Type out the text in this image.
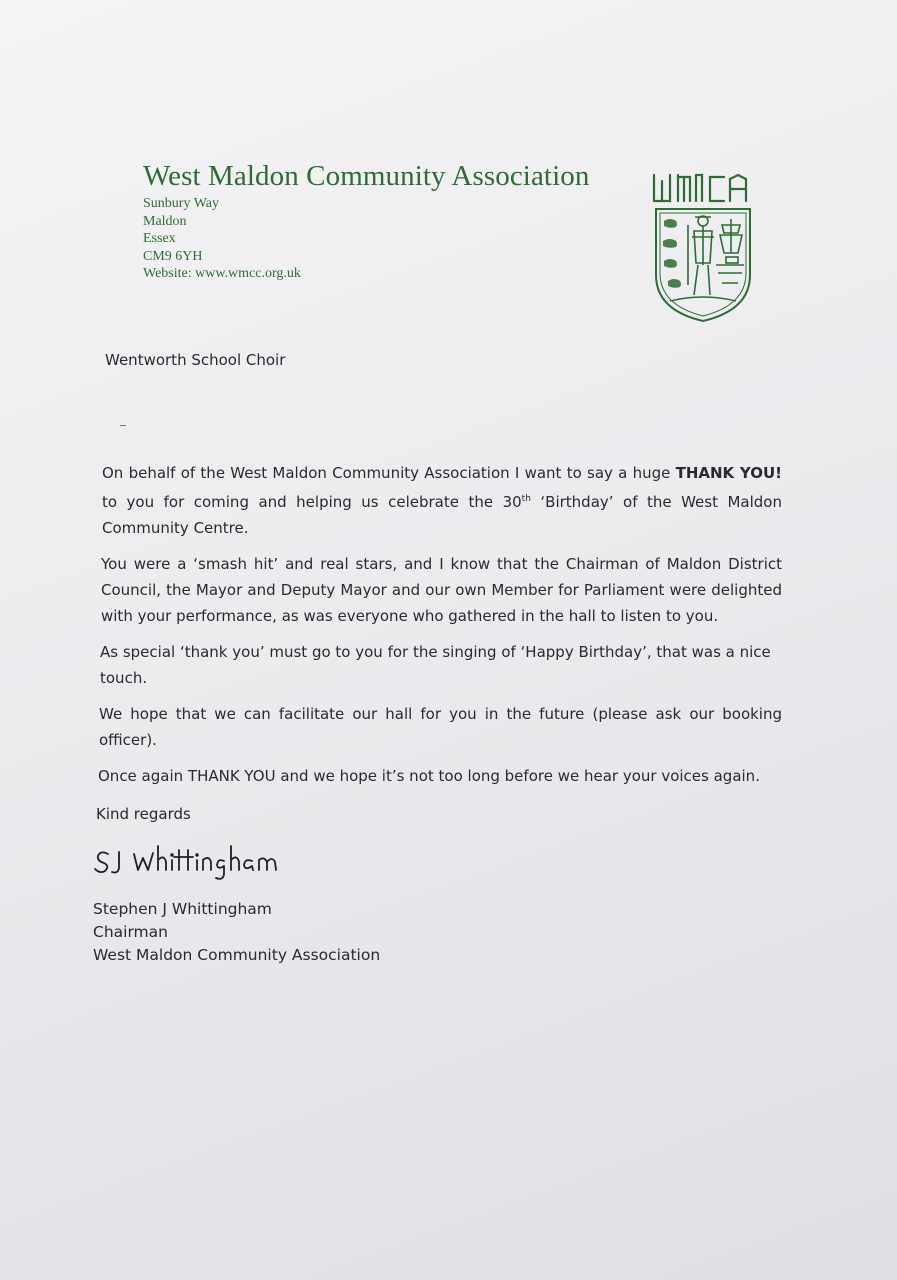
West Maldon Community Association
Sunbury Way
Maldon
Essex
CM9 6YH
Website: www.wmcc.org.uk
Wentworth School Choir

On behalf of the West Maldon Community Association I want to say a huge THANK YOU! to you for coming and helping us celebrate the 30th ‘Birthday’ of the West Maldon Community Centre.

You were a ‘smash hit’ and real stars, and I know that the Chairman of Maldon District Council, the Mayor and Deputy Mayor and our own Member for Parliament were delighted with your performance, as was everyone who gathered in the hall to listen to you.

As special ‘thank you’ must go to you for the singing of ‘Happy Birthday’, that was a nice touch.

We hope that we can facilitate our hall for you in the future (please ask our booking officer).

Once again THANK YOU and we hope it’s not too long before we hear your voices again.

Kind regards
Stephen J Whittingham
Chairman
West Maldon Community Association
